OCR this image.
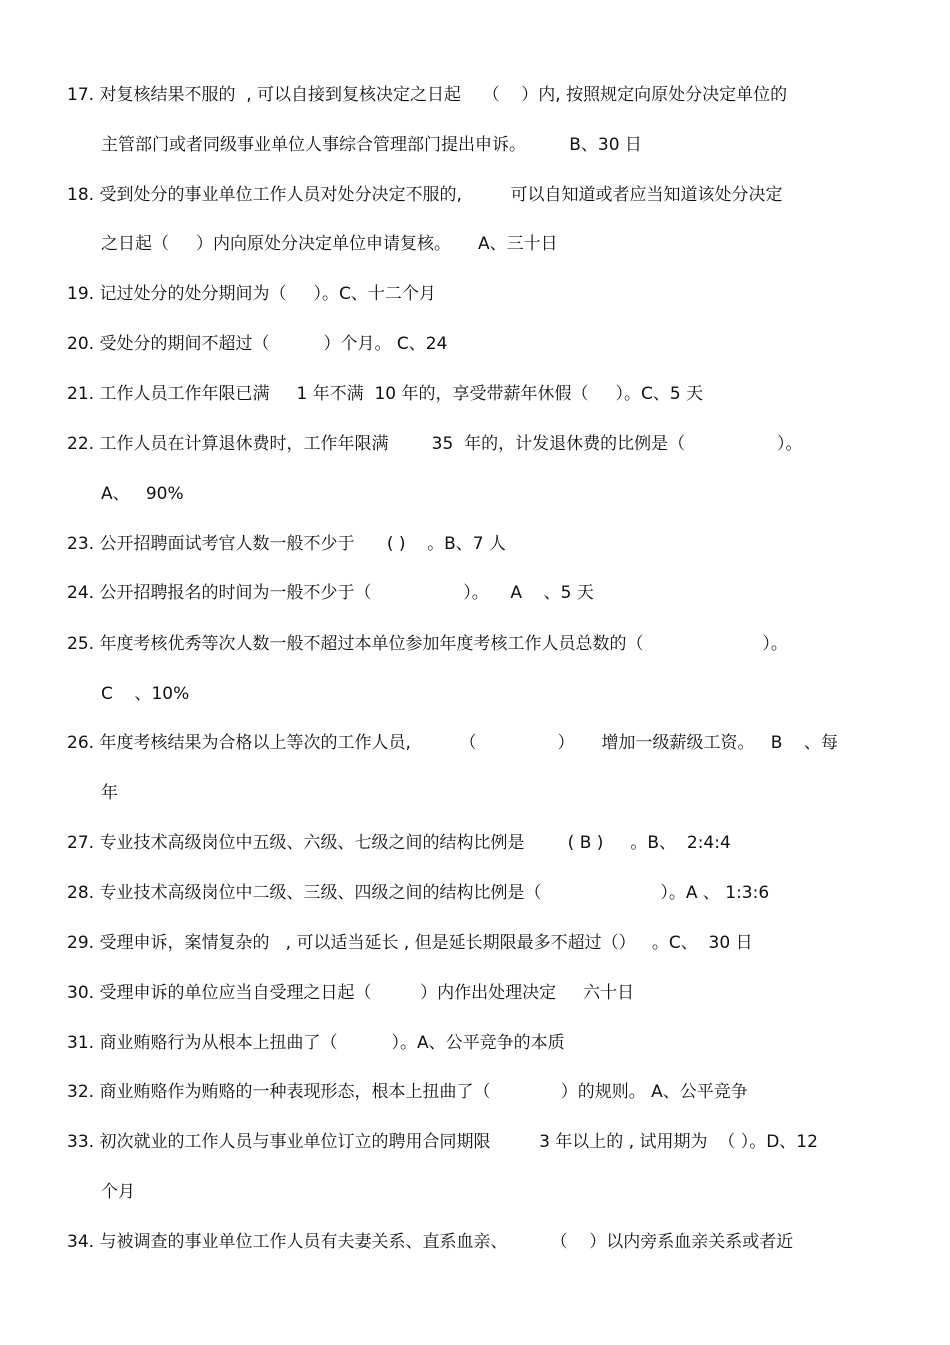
17. 对复核结果不服的  , 可以自接到复核决定之日起    （    ）内, 按照规定向原处分决定单位的
主管部门或者同级事业单位人事综合管理部门提出申诉。        B、30 日
18. 受到处分的事业单位工作人员对处分决定不服的,         可以自知道或者应当知道该处分决定
之日起（     ）内向原处分决定单位申请复核。     A、三十日
19. 记过处分的处分期间为（     ）。C、十二个月
20. 受处分的期间不超过（          ）个月。 C、24
21. 工作人员工作年限已满     1 年不满  10 年的，享受带薪年休假（     ）。C、5 天
22. 工作人员在计算退休费时，工作年限满        35  年的，计发退休费的比例是（                 ）。
A、   90%
23. 公开招聘面试考官人数一般不少于      ( )    。B、7 人
24. 公开招聘报名的时间为一般不少于（                 ）。    A    、5 天
25. 年度考核优秀等次人数一般不超过本单位参加年度考核工作人员总数的（                      ）。
C    、10%
26. 年度考核结果为合格以上等次的工作人员,         （               ）     增加一级薪级工资。   B    、每
年
27. 专业技术高级岗位中五级、六级、七级之间的结构比例是        ( B )     。B、  2:4:4
28. 专业技术高级岗位中二级、三级、四级之间的结构比例是（                      ）。A 、 1:3:6
29. 受理申诉，案情复杂的   , 可以适当延长 , 但是延长期限最多不超过（）   。C、  30 日
30. 受理申诉的单位应当自受理之日起（         ）内作出处理决定     六十日
31. 商业贿赂行为从根本上扭曲了（          ）。A、公平竞争的本质
32. 商业贿赂作为贿赂的一种表现形态，根本上扭曲了（             ）的规则。 A、公平竞争
33. 初次就业的工作人员与事业单位订立的聘用合同期限         3 年以上的 , 试用期为  （ ）。D、12
个月
34. 与被调查的事业单位工作人员有夫妻关系、直系血亲、        （    ）以内旁系血亲关系或者近
